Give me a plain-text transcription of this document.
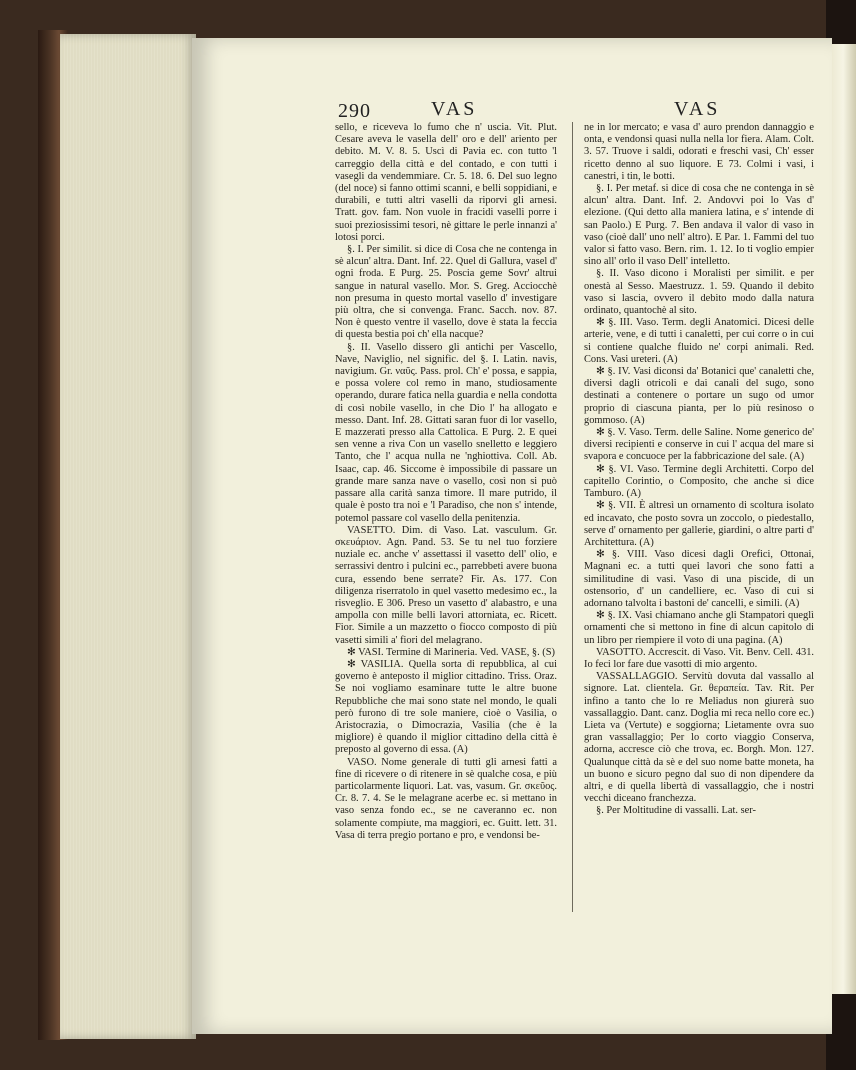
290	VAS	VAS

sello, e riceveva lo fumo che n' uscia. Vit. Plut. Cesare aveva le vasella dell' oro e dell' ariento per debito. M. V. 8. 5. Uscì di Pavia ec. con tutto 'l carreggio della città e del contado, e con tutti i vasegli da vendemmiare. Cr. 5. 18. 6. Del suo legno (del noce) si fanno ottimi scanni, e belli soppidiani, e durabili, e tutti altri vaselli da riporvi gli arnesi. Tratt. gov. fam. Non vuole in fracidi vaselli porre i suoi preziosissimi tesori, nè gittare le perle innanzi a' lotosi porci.

§. I. Per similit. si dice di Cosa che ne contenga in sè alcun' altra. Dant. Inf. 22. Quel di Gallura, vasel d' ogni froda. E Purg. 25. Poscia geme Sovr' altrui sangue in natural vasello. Mor. S. Greg. Acciocchè non presuma in questo mortal vasello d' investigare più oltra, che si convenga. Franc. Sacch. nov. 87. Non è questo ventre il vasello, dove è stata la feccia di questa bestia poi ch' ella nacque?

§. II. Vasello dissero gli antichi per Vascello, Nave, Naviglio, nel signific. del §. I. Latin. navis, navigium. Gr. ναῦς. Pass. prol. Ch' e' possa, e sappia, e possa volere col remo in mano, studiosamente operando, durare fatica nella guardia e nella condotta di così nobile vasello, in che Dio l' ha allogato e messo. Dant. Inf. 28. Gittati saran fuor di lor vasello, E mazzerati presso alla Cattolica. E Purg. 2. E quei sen venne a riva Con un vasello snelletto e leggiero Tanto, che l' acqua nulla ne 'nghiottiva. Coll. Ab. Isaac, cap. 46. Siccome è impossibile di passare un grande mare sanza nave o vasello, così non si può passare alla carità sanza timore. Il mare putrido, il quale è posto tra noi e 'l Paradiso, che non s' intende, potemol passare col vasello della penitenzia.

VASETTO. Dim. di Vaso. Lat. vasculum. Gr. σκευάριον. Agn. Pand. 53. Se tu nel tuo forziere nuziale ec. anche v' assettassi il vasetto dell' olio, e serrassivi dentro i pulcini ec., parrebbeti avere buona cura, essendo bene serrate? Fir. As. 177. Con diligenza riserratolo in quel vasetto medesimo ec., la risveglio. E 306. Preso un vasetto d' alabastro, e una ampolla con mille belli lavori attorniata, ec. Ricett. Fior. Simile a un mazzetto o fiocco composto di più vasetti simili a' fiori del melagrano.

✻ VASI. Termine di Marineria. Ved. VASE, §. (S)

✻ VASILIA. Quella sorta di repubblica, al cui governo è anteposto il miglior cittadino. Triss. Oraz. Se noi vogliamo esaminare tutte le altre buone Repubbliche che mai sono state nel mondo, le quali però furono di tre sole maniere, cioè o Vasilia, o Aristocrazia, o Dimocrazia, Vasilia (che è la migliore) è quando il miglior cittadino della città è preposto al governo di essa. (A)

VASO. Nome generale di tutti gli arnesi fatti a fine di ricevere o di ritenere in sè qualche cosa, e più particolarmente liquori. Lat. vas, vasum. Gr. σκεῦος. Cr. 8. 7. 4. Se le melagrane acerbe ec. si mettano in vaso senza fondo ec., se ne caveranno ec. non solamente compiute, ma maggiori, ec. Guitt. lett. 31. Vasa di terra pregio portano e pro, e vendonsi be-

ne in lor mercato; e vasa d' auro prendon dannaggio e onta, e vendonsi quasi nulla nella lor fiera. Alam. Colt. 3. 57. Truove i saldi, odorati e freschi vasi, Ch' esser ricetto denno al suo liquore. E 73. Colmi i vasi, i canestri, i tin, le botti.

§. I. Per metaf. si dice di cosa che ne contenga in sè alcun' altra. Dant. Inf. 2. Andovvi poi lo Vas d' elezione. (Qui detto alla maniera latina, e s' intende di san Paolo.) E Purg. 7. Ben andava il valor di vaso in vaso (cioè dall' uno nell' altro). E Par. 1. Fammi del tuo valor sì fatto vaso. Bern. rim. 1. 12. Io ti voglio empier sino all' orlo il vaso Dell' intelletto.

§. II. Vaso dicono i Moralisti per similit. e per onestà al Sesso. Maestruzz. 1. 59. Quando il debito vaso si lascia, ovvero il debito modo dalla natura ordinato, quantochè al sito.

✻ §. III. Vaso. Term. degli Anatomici. Dicesi delle arterie, vene, e di tutti i canaletti, per cui corre o in cui si contiene qualche fluido ne' corpi animali. Red. Cons. Vasi ureteri. (A)

✻ §. IV. Vasi diconsi da' Botanici que' canaletti che, diversi dagli otricoli e dai canali del sugo, sono destinati a contenere o portare un sugo od umor proprio di ciascuna pianta, per lo più resinoso o gommoso. (A)

✻ §. V. Vaso. Term. delle Saline. Nome generico de' diversi recipienti e conserve in cui l' acqua del mare si svapora e concuoce per la fabbricazione del sale. (A)

✻ §. VI. Vaso. Termine degli Architetti. Corpo del capitello Corintio, o Composito, che anche si dice Tamburo. (A)

✻ §. VII. È altresì un ornamento di scoltura isolato ed incavato, che posto sovra un zoccolo, o piedestallo, serve d' ornamento per gallerie, giardini, o altre parti d' Architettura. (A)

✻ §. VIII. Vaso dicesi dagli Orefici, Ottonai, Magnani ec. a tutti quei lavori che sono fatti a similitudine di vasi. Vaso di una piscide, di un ostensorio, d' un candelliere, ec. Vaso di cui si adornano talvolta i bastoni de' cancelli, e simili. (A)

✻ §. IX. Vasi chiamano anche gli Stampatori queglì ornamenti che si mettono in fine di alcun capitolo di un libro per riempiere il voto di una pagina. (A)

VASOTTO. Accrescit. di Vaso. Vit. Benv. Cell. 431. Io feci lor fare due vasotti di mio argento.

VASSALLAGGIO. Servitù dovuta dal vassallo al signore. Lat. clientela. Gr. θεραπεία. Tav. Rit. Per infino a tanto che lo re Meliadus non giurerà suo vassallaggio. Dant. canz. Doglia mi reca nello core ec.) Lieta va (Vertute) e soggiorna; Lietamente ovra suo gran vassallaggio; Per lo corto viaggio Conserva, adorna, accresce ciò che trova, ec. Borgh. Mon. 127. Qualunque città da sè e del suo nome batte moneta, ha un buono e sicuro pegno dal suo di non dipendere da altri, e di quella libertà di vassallaggio, che i nostri vecchi diceano franchezza.

§. Per Moltitudine di vassalli. Lat. ser-
